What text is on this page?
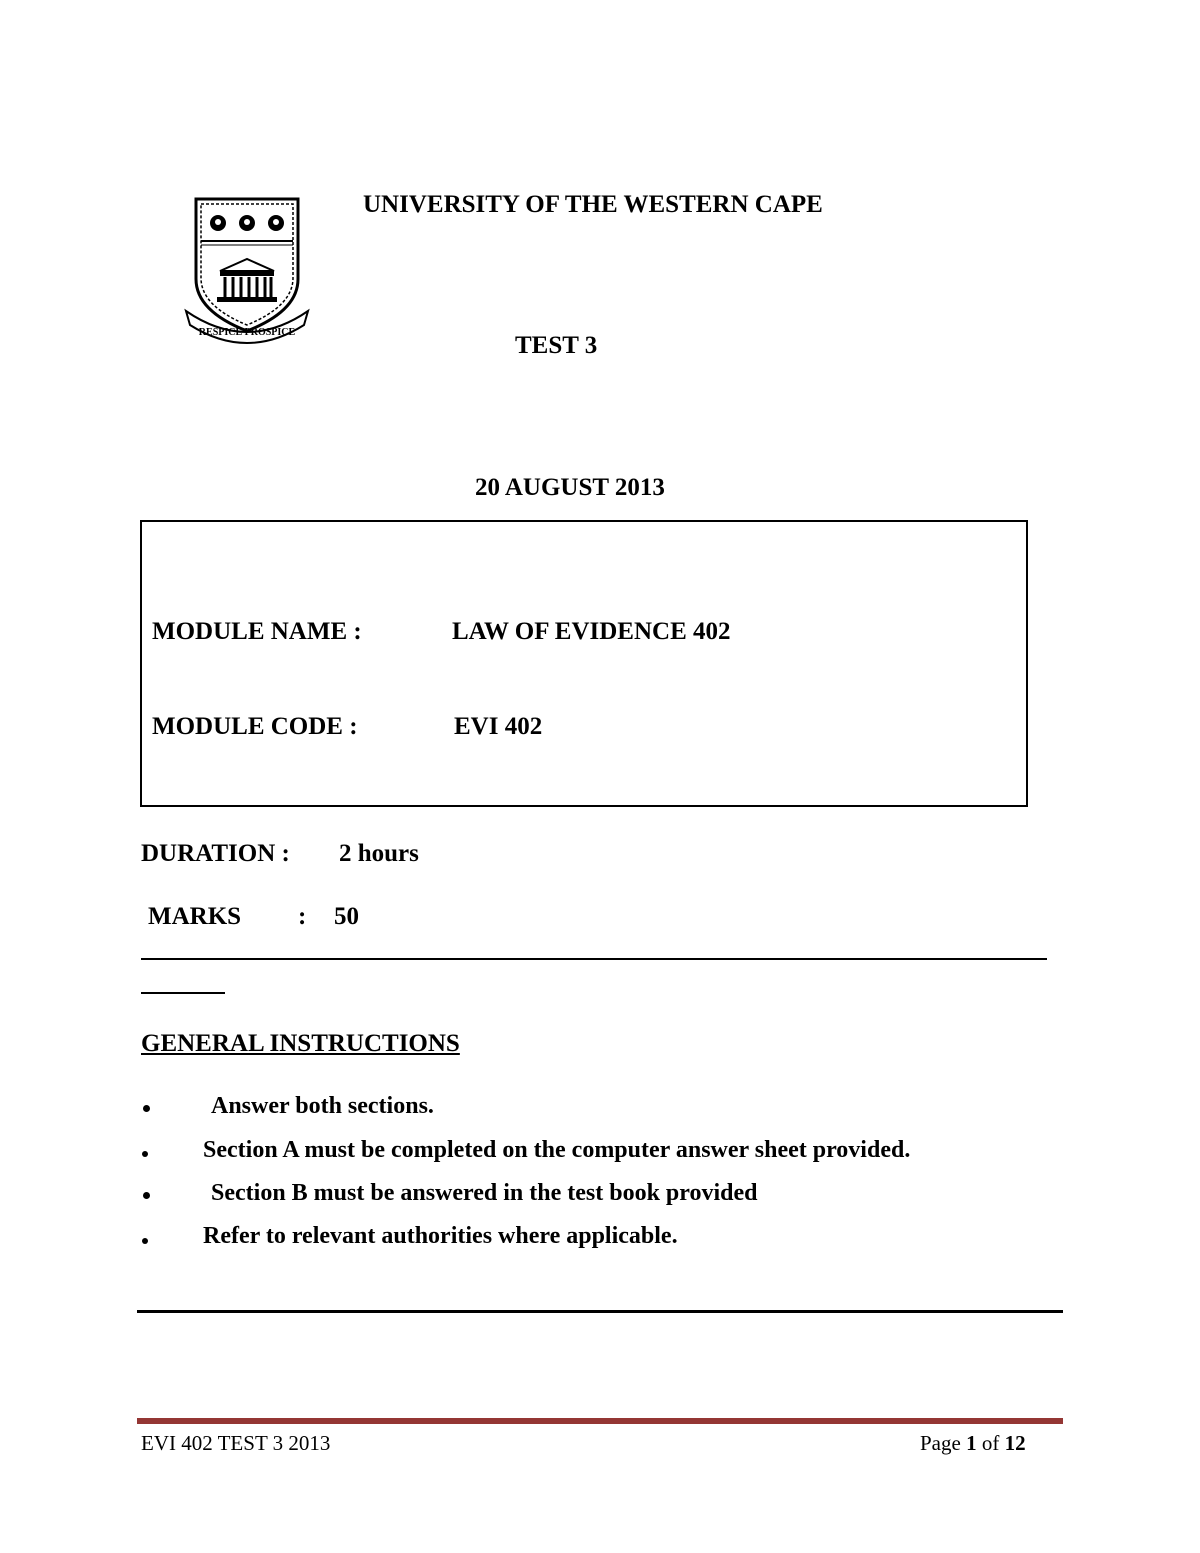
RESPICE PROSPICE
UNIVERSITY OF THE WESTERN CAPE
TEST 3
20 AUGUST 2013
MODULE NAME :	LAW OF EVIDENCE 402
MODULE CODE :	EVI 402
DURATION : 2 hours
MARKS : 50
GENERAL INSTRUCTIONS
Answer both sections.
Section A must be completed on the computer answer sheet provided.
Section B must be answered in the test book provided
Refer to relevant authorities where applicable.
EVI 402 TEST 3 2013	Page 1 of 12
